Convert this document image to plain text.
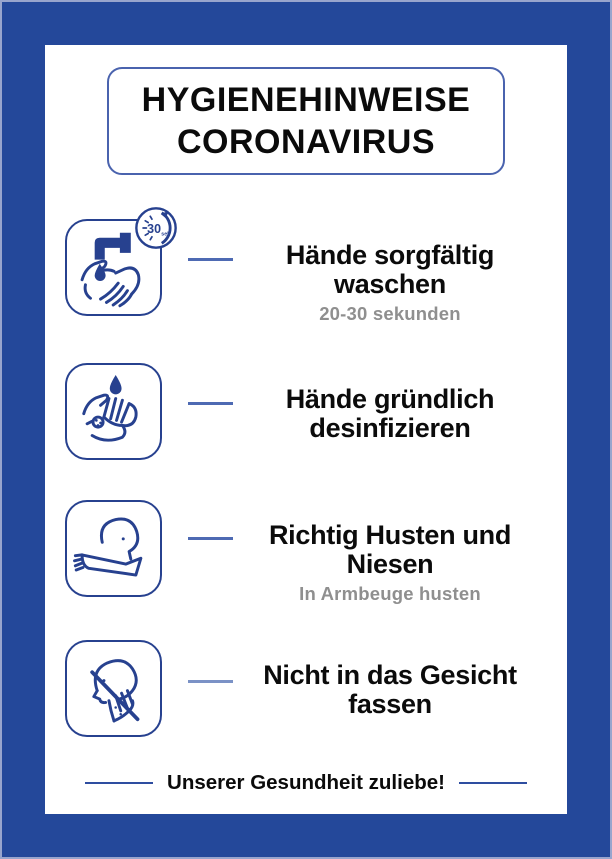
HYGIENEHINWEISE
CORONAVIRUS
30 sek
Hände sorgfältig
waschen
20-30 sekunden
Hände gründlich
desinfizieren
Richtig Husten und
Niesen
In Armbeuge husten
Nicht in das Gesicht
fassen
Unserer Gesundheit zuliebe!
